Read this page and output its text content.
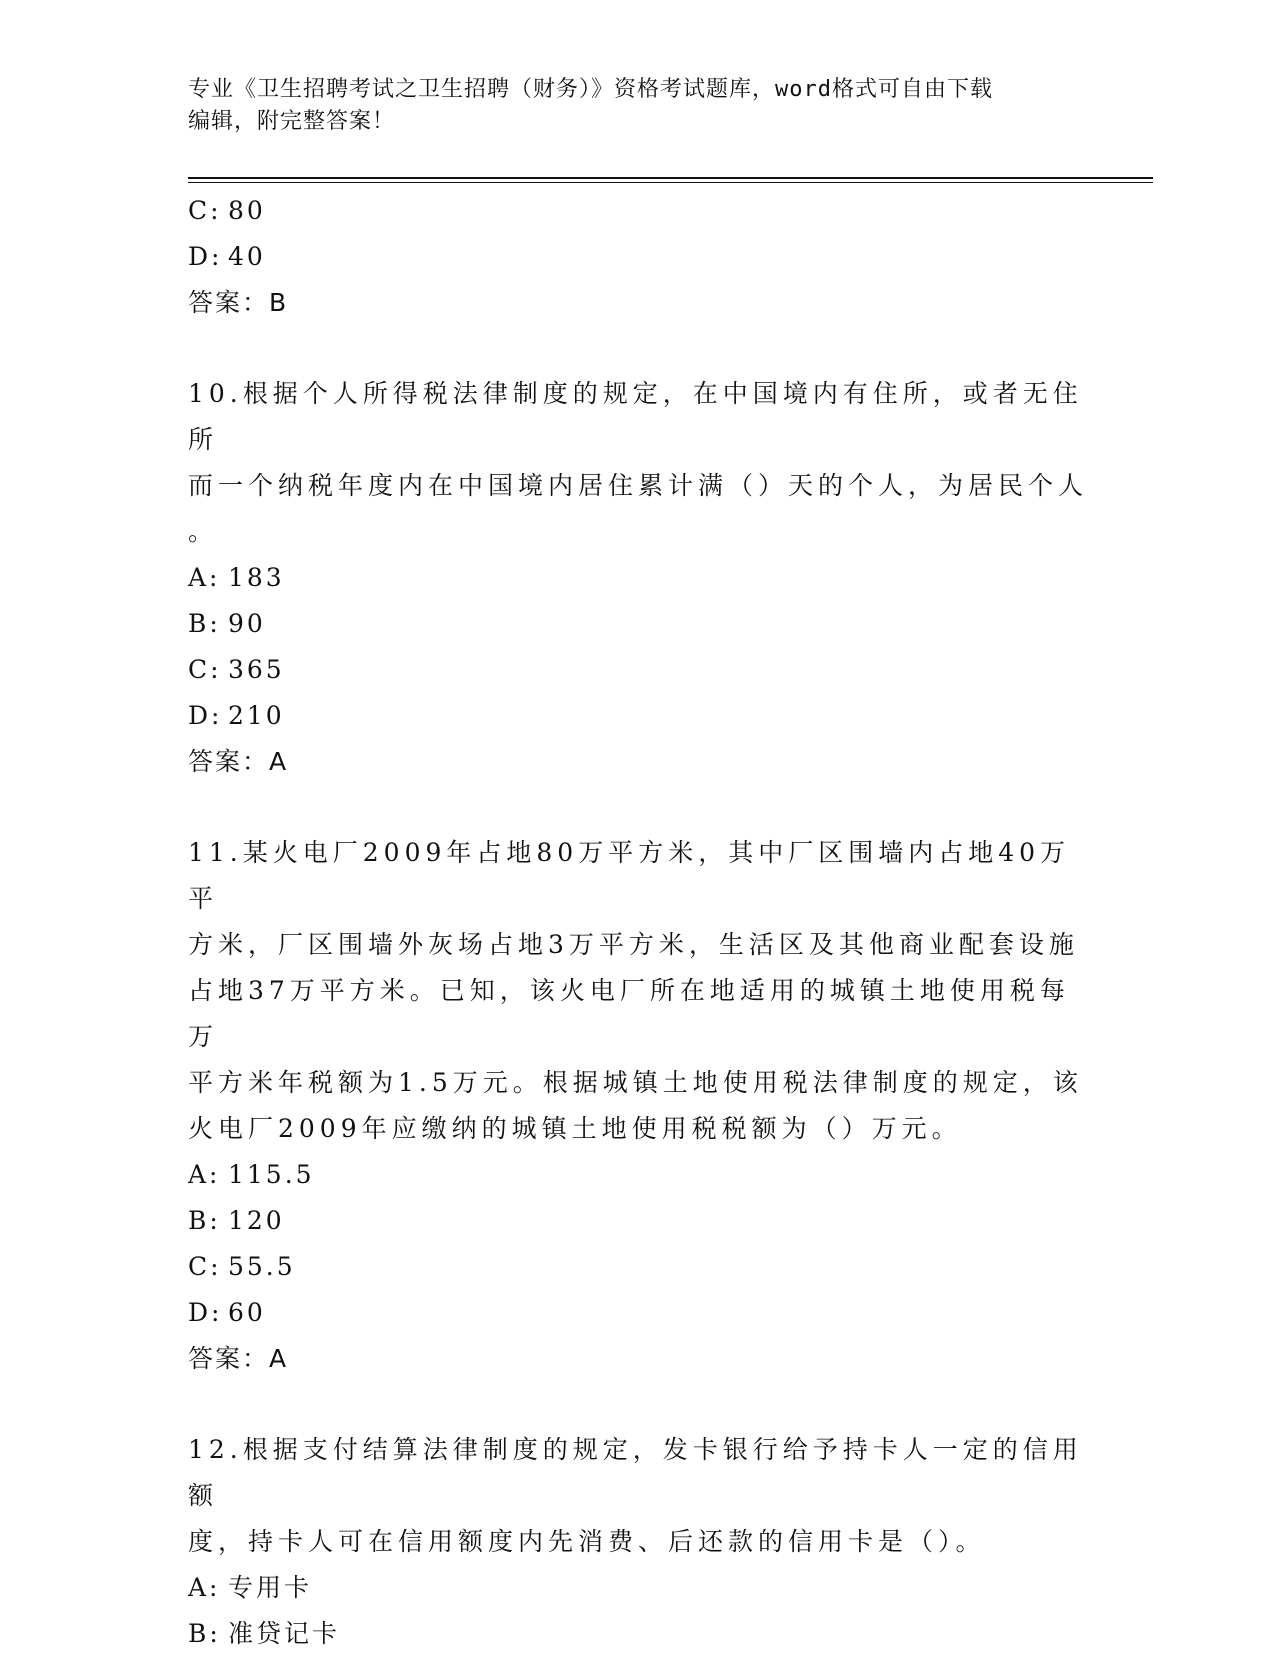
专业《卫生招聘考试之卫生招聘（财务）》资格考试题库，word格式可自由下载
编辑，附完整答案！
C: 80
D: 40
答案：B
10.根据个人所得税法律制度的规定，在中国境内有住所，或者无住所
而一个纳税年度内在中国境内居住累计满（）天的个人，为居民个人
。
A: 183
B: 90
C: 365
D: 210
答案：A
11.某火电厂2009年占地80万平方米，其中厂区围墙内占地40万平
方米，厂区围墙外灰场占地3万平方米，生活区及其他商业配套设施
占地37万平方米。已知，该火电厂所在地适用的城镇土地使用税每万
平方米年税额为1.5万元。根据城镇土地使用税法律制度的规定，该
火电厂2009年应缴纳的城镇土地使用税税额为（）万元。
A: 115.5
B: 120
C: 55.5
D: 60
答案：A
12.根据支付结算法律制度的规定，发卡银行给予持卡人一定的信用额
度，持卡人可在信用额度内先消费、后还款的信用卡是（）。
A: 专用卡
B: 准贷记卡
